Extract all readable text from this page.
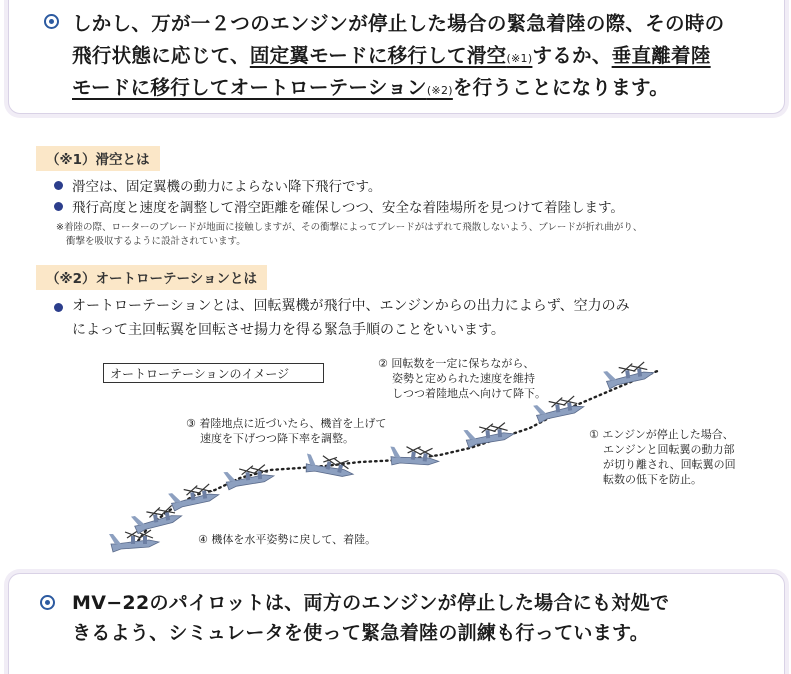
しかし、万が一２つのエンジンが停止した場合の緊急着陸の際、その時の
飛行状態に応じて、固定翼モードに移行して滑空(※1)するか、垂直離着陸
モードに移行してオートローテーション(※2)を行うことになります。
（※1）滑空とは
滑空は、固定翼機の動力によらない降下飛行です。
飛行高度と速度を調整して滑空距離を確保しつつ、安全な着陸場所を見つけて着陸します。
※着陸の際、ローターのブレードが地面に接触しますが、その衝撃によってブレードがはずれて飛散しないよう、ブレードが折れ曲がり、
衝撃を吸収するように設計されています。
（※2）オートローテーションとは
オートローテーションとは、回転翼機が飛行中、エンジンからの出力によらず、空力のみ
によって主回転翼を回転させ揚力を得る緊急手順のことをいいます。
オートローテーションのイメージ
② 回転数を一定に保ちながら、
姿勢と定められた速度を維持
しつつ着陸地点へ向けて降下。
③ 着陸地点に近づいたら、機首を上げて
速度を下げつつ降下率を調整。	① エンジンが停止した場合、
エンジンと回転翼の動力部
が切り離され、回転翼の回
転数の低下を防止。
④ 機体を水平姿勢に戻して、着陸。
MV−22のパイロットは、両方のエンジンが停止した場合にも対処で
きるよう、シミュレータを使って緊急着陸の訓練も行っています。
